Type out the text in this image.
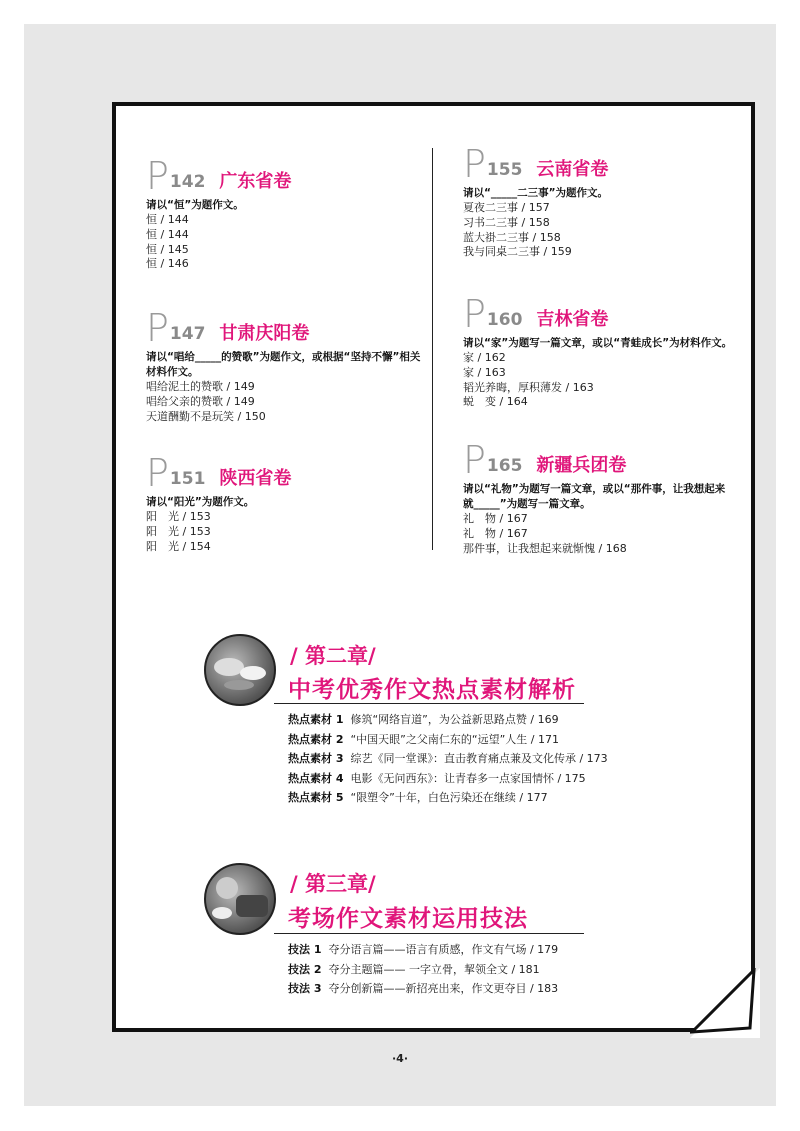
P 142 广东省卷
请以“恒”为题作文。
恒 / 144
恒 / 144
恒 / 145
恒 / 146
P 147 甘肃庆阳卷
请以“唱给_____的赞歌”为题作文，或根据“坚持不懈”相关材料作文。
唱给泥土的赞歌 / 149
唱给父亲的赞歌 / 149
天道酬勤不是玩笑 / 150
P 151 陕西省卷
请以“阳光”为题作文。
阳　光 / 153
阳　光 / 153
阳　光 / 154
P 155 云南省卷
请以“_____二三事”为题作文。
夏夜二三事 / 157
习书二三事 / 158
蓝大褂二三事 / 158
我与同桌二三事 / 159
P 160 吉林省卷
请以“家”为题写一篇文章，或以“青蛙成长”为材料作文。
家 / 162
家 / 163
韬光养晦，厚积薄发 / 163
蜕　变 / 164
P 165 新疆兵团卷
请以“礼物”为题写一篇文章，或以“那件事，让我想起来就_____”为题写一篇文章。
礼　物 / 167
礼　物 / 167
那件事，让我想起来就惭愧 / 168
/ 第二章/
中考优秀作文热点素材解析
热点素材 1 修筑“网络盲道”，为公益新思路点赞 / 169
热点素材 2 “中国天眼”之父南仁东的“远望”人生 / 171
热点素材 3 综艺《同一堂课》：直击教育痛点兼及文化传承 / 173
热点素材 4 电影《无问西东》：让青春多一点家国情怀 / 175
热点素材 5 “限塑令”十年，白色污染还在继续 / 177
/ 第三章/
考场作文素材运用技法
技法 1 夺分语言篇——语言有质感，作文有气场 / 179
技法 2 夺分主题篇—— 一字立骨，挈领全文 / 181
技法 3 夺分创新篇——新招亮出来，作文更夺目 / 183
·4·
